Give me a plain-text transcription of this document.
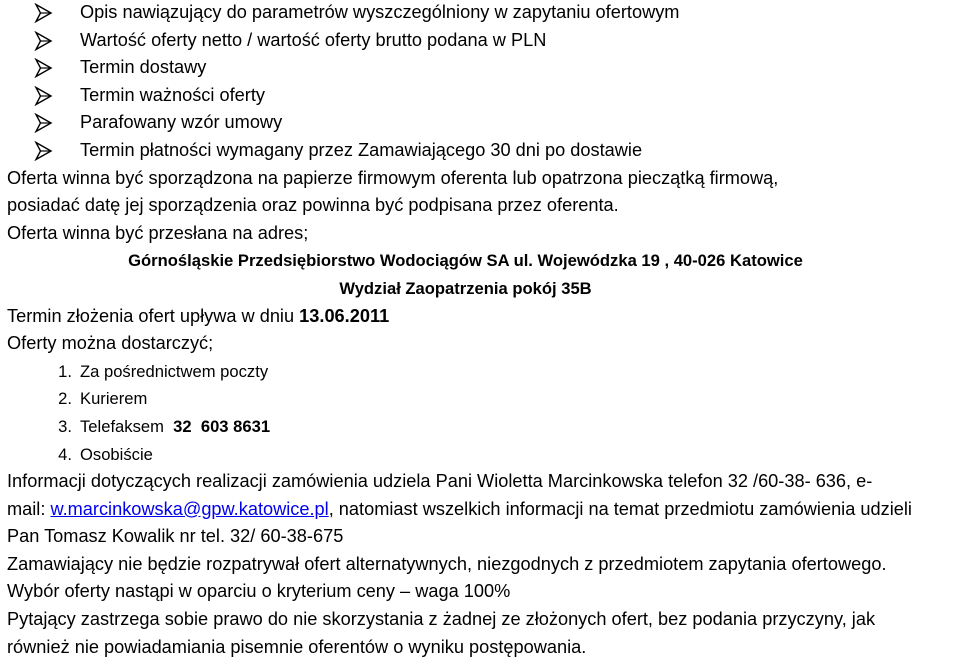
Opis nawiązujący do parametrów wyszczególniony w zapytaniu ofertowym
Wartość oferty netto / wartość oferty brutto podana w PLN
Termin dostawy
Termin ważności oferty
Parafowany wzór umowy
Termin płatności wymagany przez Zamawiającego 30 dni po dostawie
Oferta winna być sporządzona na papierze firmowym oferenta lub opatrzona pieczątką firmową,
posiadać datę jej sporządzenia oraz powinna być podpisana przez oferenta.
Oferta winna być przesłana na adres;
Górnośląskie Przedsiębiorstwo Wodociągów SA ul. Wojewódzka 19 , 40-026 Katowice
Wydział Zaopatrzenia pokój 35B
Termin złożenia ofert upływa w dniu 13.06.2011
Oferty można dostarczyć;
1. Za pośrednictwem poczty
2. Kurierem
3. Telefaksem  32  603 8631
4. Osobiście
Informacji dotyczących realizacji zamówienia udziela Pani Wioletta Marcinkowska telefon 32 /60-38- 636, e-
mail: w.marcinkowska@gpw.katowice.pl, natomiast wszelkich informacji na temat przedmiotu zamówienia udzieli
Pan Tomasz Kowalik nr tel. 32/ 60-38-675
Zamawiający nie będzie rozpatrywał ofert alternatywnych, niezgodnych z przedmiotem zapytania ofertowego.
Wybór oferty nastąpi w oparciu o kryterium ceny – waga 100%
Pytający zastrzega sobie prawo do nie skorzystania z żadnej ze złożonych ofert, bez podania przyczyny, jak
również nie powiadamiania pisemnie oferentów o wyniku postępowania.
